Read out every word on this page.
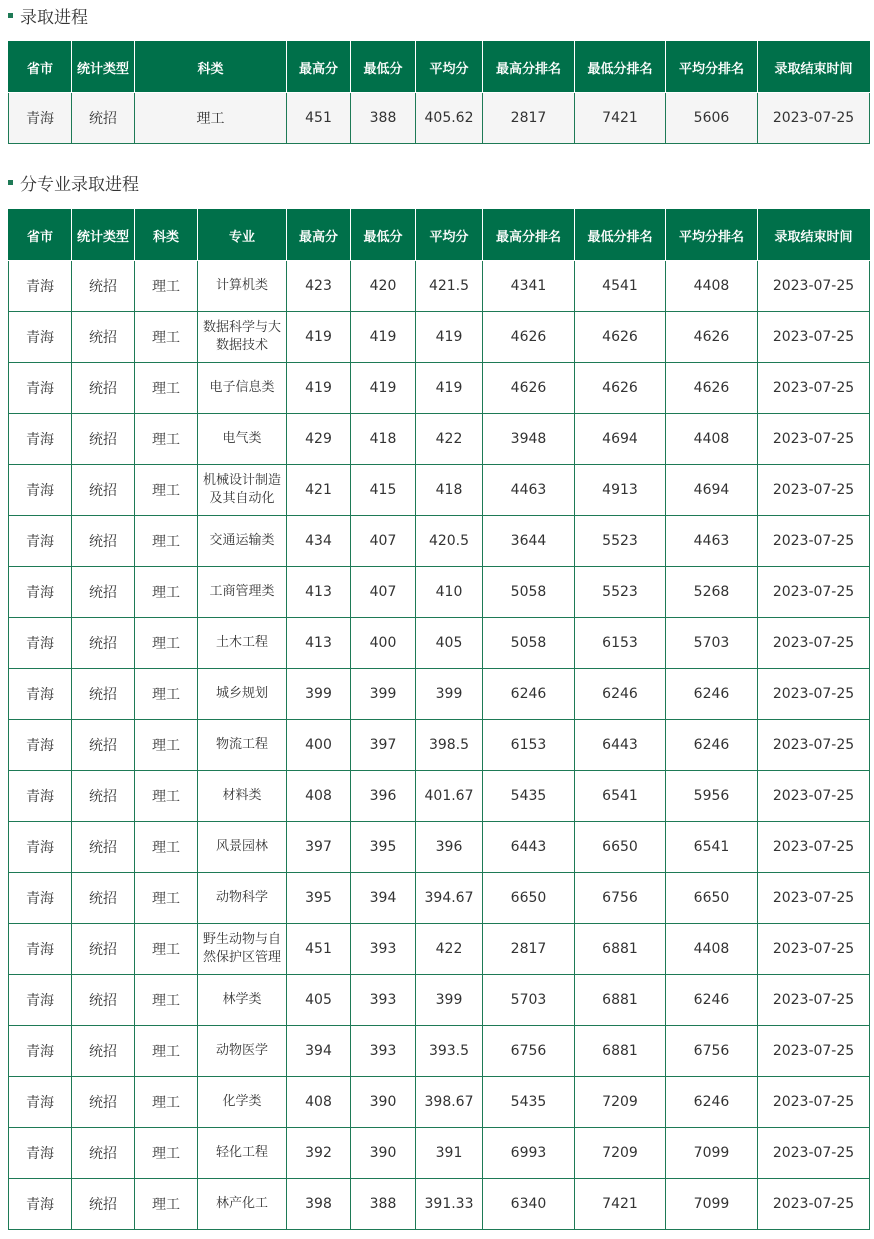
录取进程
省市	统计类型	科类	最高分	最低分	平均分	最高分排名	最低分排名	平均分排名	录取结束时间
青海	统招	理工	451	388	405.62	2817	7421	5606	2023-07-25
分专业录取进程
省市	统计类型	科类	专业	最高分	最低分	平均分	最高分排名	最低分排名	平均分排名	录取结束时间
青海	统招	理工	计算机类	423	420	421.5	4341	4541	4408	2023-07-25
青海	统招	理工	数据科学与大数据技术	419	419	419	4626	4626	4626	2023-07-25
青海	统招	理工	电子信息类	419	419	419	4626	4626	4626	2023-07-25
青海	统招	理工	电气类	429	418	422	3948	4694	4408	2023-07-25
青海	统招	理工	机械设计制造及其自动化	421	415	418	4463	4913	4694	2023-07-25
青海	统招	理工	交通运输类	434	407	420.5	3644	5523	4463	2023-07-25
青海	统招	理工	工商管理类	413	407	410	5058	5523	5268	2023-07-25
青海	统招	理工	土木工程	413	400	405	5058	6153	5703	2023-07-25
青海	统招	理工	城乡规划	399	399	399	6246	6246	6246	2023-07-25
青海	统招	理工	物流工程	400	397	398.5	6153	6443	6246	2023-07-25
青海	统招	理工	材料类	408	396	401.67	5435	6541	5956	2023-07-25
青海	统招	理工	风景园林	397	395	396	6443	6650	6541	2023-07-25
青海	统招	理工	动物科学	395	394	394.67	6650	6756	6650	2023-07-25
青海	统招	理工	野生动物与自然保护区管理	451	393	422	2817	6881	4408	2023-07-25
青海	统招	理工	林学类	405	393	399	5703	6881	6246	2023-07-25
青海	统招	理工	动物医学	394	393	393.5	6756	6881	6756	2023-07-25
青海	统招	理工	化学类	408	390	398.67	5435	7209	6246	2023-07-25
青海	统招	理工	轻化工程	392	390	391	6993	7209	7099	2023-07-25
青海	统招	理工	林产化工	398	388	391.33	6340	7421	7099	2023-07-25
